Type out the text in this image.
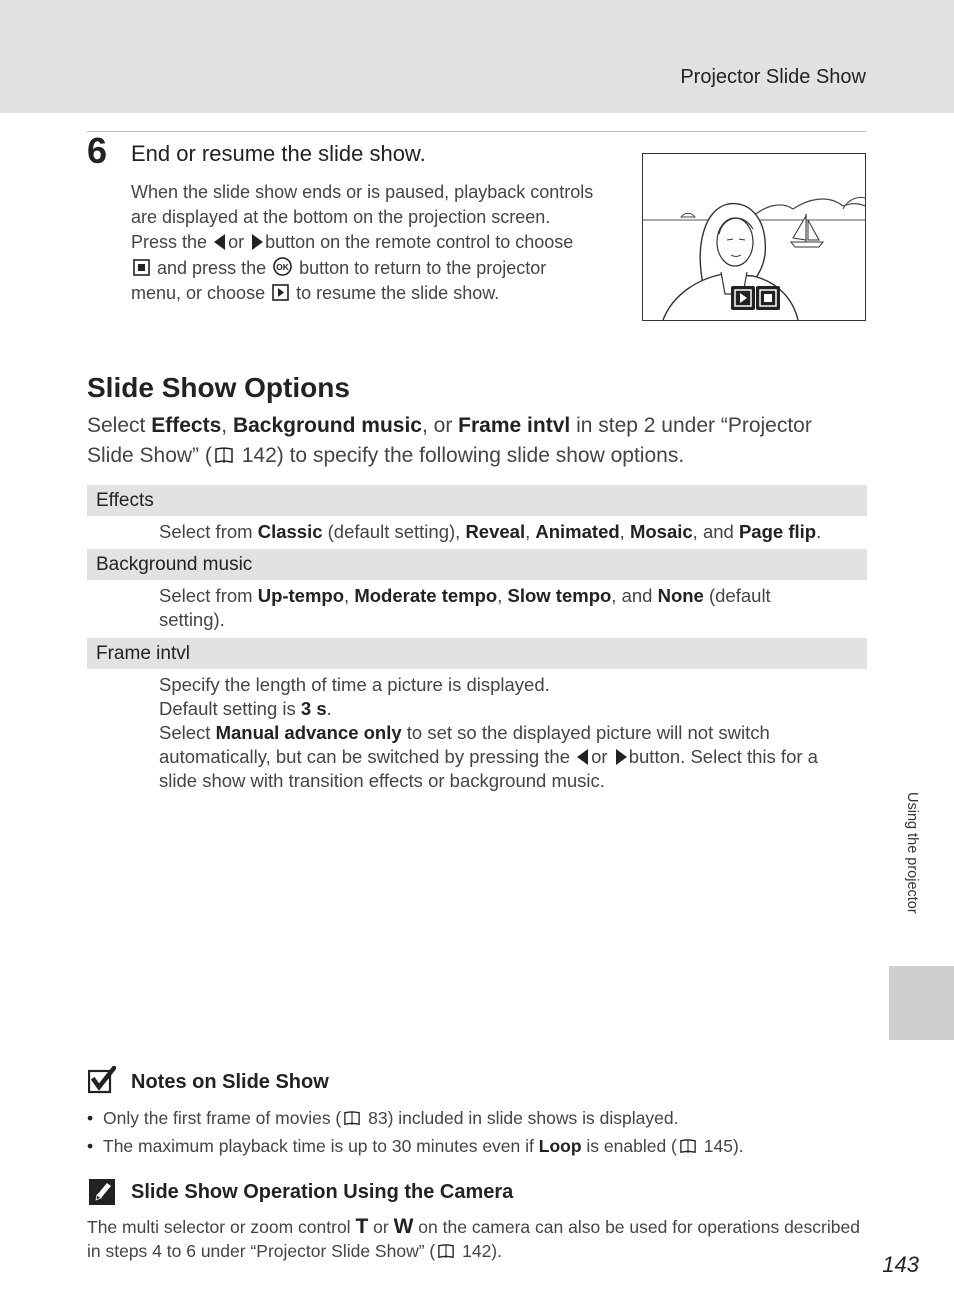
Projector Slide Show
6 End or resume the slide show.

When the slide show ends or is paused, playback controls

are displayed at the bottom on the projection screen.

Press the or button on the remote control to choose

and press the OK button to return to the projector

menu, or choose to resume the slide show.

Slide Show Options

Select Effects, Background music, or Frame intvl in step 2 under “Projector

Slide Show” ( 142) to specify the following slide show options.

Effects

Select from Classic (default setting), Reveal, Animated, Mosaic, and Page flip.

Background music

Select from Up-tempo, Moderate tempo, Slow tempo, and None (default

setting).

Frame intvl

Specify the length of time a picture is displayed.

Default setting is 3 s.

Select Manual advance only to set so the displayed picture will not switch

automatically, but can be switched by pressing the or button. Select this for a

slide show with transition effects or background music.

Notes on Slide Show
• Only the first frame of movies ( 83) included in slide shows is displayed.
• The maximum playback time is up to 30 minutes even if Loop is enabled ( 145).
Slide Show Operation Using the Camera

The multi selector or zoom control T or W on the camera can also be used for operations described

in steps 4 to 6 under “Projector Slide Show” ( 142).

Using the projector
143
